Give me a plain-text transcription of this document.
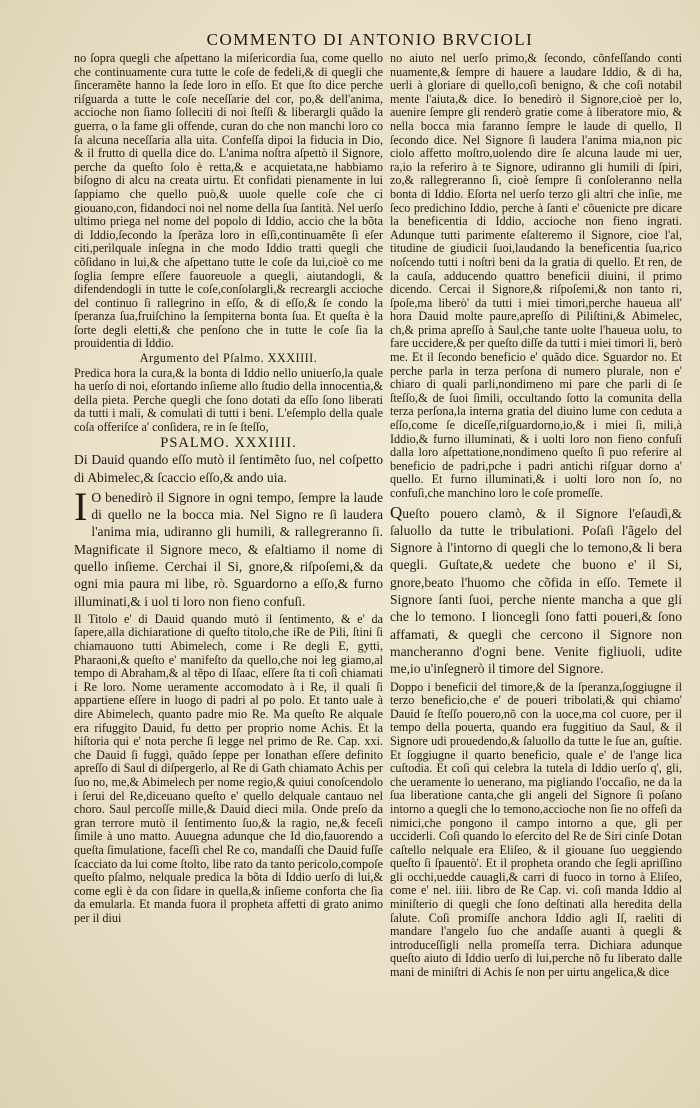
COMMENTO DI ANTONIO BRVCIOLI

no ſopra quegli che aſpettano la miſericordia ſua, come quello che continuamente cura tutte le coſe de fedeli,& di quegli che ſinceramẽte hanno la ſede loro in eſſo. Et que ſto dice perche riſguarda a tutte le coſe neceſſarie del cor, po,& dell'anima, accioche non ſiamo ſolleciti di noi ſteſſi & liberargli quãdo la guerra, o la fame gli offende, curan do che non manchi loro co ſa alcuna neceſſaria alla uita. Confeſſa dipoi la fiducia in Dio, & il frutto di quella dice do. L'anima noſtra aſpettò il Signore, perche da queſto ſolo è retta,& e acquietata,ne habbiamo biſogno di alcu na creata uirtu. Et confidati pienamente in lui ſappiamo che quello può,& uuole quelle coſe che ci giouano,con, fidandoci noi nel nome della ſua ſantità. Nel uerſo ultimo priega nel nome del popolo di Iddio, accio che la bõta di Iddio,ſecondo la ſperãza loro in eſſi,continuamẽte ſi eſer citi,perilquale inſegna in che modo Iddio tratti quegli che cõſidano in lui,& che aſpettano tutte le coſe da lui,cioè co me ſoglia ſempre eſſere fauoreuole a quegli, aiutandogli, & difendendogli in tutte le coſe,conſolargli,& recreargli accioche del continuo ſi rallegrino in eſſo, & di eſſo,& ſe condo la ſperanza ſua,fruiſchino la ſempiterna bonta ſua. Et queſta è la ſorte degli eletti,& che penſono che in tutte le coſe ſia la prouidentia di Iddio.

Argumento del Pſalmo. XXXIIII.

Predica hora la cura,& la bonta di Iddio nello uniuerſo,la quale ha uerſo di noi, eſortando inſieme allo ſtudio della innocentia,& della pieta. Perche quegli che ſono dotati da eſſo ſono liberati da tutti i mali, & comulati di tutti i beni. L'eſemplo della quale coſa offeriſce a' conſidera, re in ſe ſteſſo,

PSALMO. XXXIIII.

Di Dauid quando eſſo mutò il ſentimẽto ſuo, nel coſpetto di Abimelec,& ſcaccio eſſo,& ando uia.

I O benedirò il Signore in ogni tempo, ſempre la laude di quello ne la bocca mia. Nel Signo re ſi laudera l'anima mia, udiranno gli humili, & rallegreranno ſi. Magnificate il Signore meco, & eſaltiamo il nome di quello inſieme. Cerchai il Si, gnore,& riſpoſemi,& da ogni mia paura mi libe, rò. Sguardorno a eſſo,& furno illuminati,& i uol ti loro non fieno confuſi.

Il Titolo e' di Dauid quando mutò il ſentimento, & e' da ſapere,alla dichiaratione di queſto titolo,che iRe de Pili, ſtini ſi chiamauono tutti Abimelech, come i Re degli E, gytti, Pharaoni,& queſto e' manifeſto da quello,che noi leg giamo,al tempo di Abraham,& al tẽpo di Iſaac, eſſere ſta ti coſi chiamati i Re loro. Nome ueramente accomodato à i Re, il quali ſi appartiene eſſere in luogo di padri al po polo. Et tanto uale à dire Abimelech, quanto padre mio Re. Ma queſto Re alquale era rifuggito Dauid, fu detto per proprio nome Achis. Et la hiſtoria qui e' nota perche ſi legge nel primo de Re. Cap. xxi. che Dauid ſi fuggì, quãdo ſeppe per Ionathan eſſere definito apreſſo di Saul di diſpergerlo, al Re di Gath chiamato Achis per ſuo no, me,& Abimelech per nome regio,& quiui conoſcendolo i ſerui del Re,diceuano queſto e' quello delquale cantauo nel choro. Saul percoſſe mille,& Dauid dieci mila. Onde preſo da gran terrore mutò il ſentimento ſuo,& la ragio, ne,& feceſi ſimile à uno matto. Auuegna adunque che Id dio,fauorendo a queſta ſimulatione, faceſſi chel Re co, mandaſſi che Dauid fuſſe ſcacciato da lui come ſtolto, libe rato da tanto pericolo,compoſe queſto pſalmo, nelquale predica la bõta di Iddio uerſo di lui,& come egli è da con ſidare in quella,& inſieme conforta che ſia da emularla. Et manda fuora il propheta affetti di grato animo per il diui

no aiuto nel uerſo primo,& ſecondo, cõnfeſſando conti nuamente,& ſempre di hauere a laudare Iddio, & di ha, uerli à gloriare di quello,coſi benigno, & che coſi notabil mente l'aiuta,& dice. Io benedirò il Signore,cioè per lo, auenire ſempre gli renderò gratie come à liberatore mio, & nella bocca mia faranno ſempre le laude di quello, Il ſecondo dice. Nel Signore ſi laudera l'anima mia,non pic ciolo affetto moſtro,uolendo dire ſe alcuna laude mi uer, ra,io la referiro à te Signore, udiranno gli humili di ſpiri, zo,& rallegreranno ſi, cioè ſempre ſi conſoleranno nella bonta di Iddio. Eſorta nel uerſo terzo gli altri che inſie, me ſeco predichino Iddio, perche à ſanti e' cõuenicte pre dicare la beneficentia di Iddio, accioche non fieno ingrati. Adunque tutti parimente eſalteremo il Signore, cioe l'al, titudine de giudicii ſuoi,laudando la beneficentia ſua,rico noſcendo tutti i noſtri beni da la gratia di quello. Et ren, de la cauſa, adducendo quattro beneficii diuini, il primo dicendo. Cercai il Signore,& riſpoſemi,& non tanto ri, ſpoſe,ma liberò' da tutti i miei timori,perche haueua all' hora Dauid molte paure,apreſſo di Piliſtini,& Abimelec, ch,& prima apreſſo à Saul,che tante uolte l'haueua uolu, to fare uccidere,& per queſto diſſe da tutti i miei timori li, berò me. Et il ſecondo beneficio e' quãdo dice. Sguardor no. Et perche parla in terza perſona di numero plurale, non e' chiaro di quali parli,nondimeno mi pare che parli di ſe ſteſſo,& de ſuoi ſimili, occultando ſotto la comunita della terza perſona,la interna gratia del diuino lume con ceduta a eſſo,come ſe diceſſe,riſguardorno,io,& i miei ſi, mili,à Iddio,& furno illuminati, & i uolti loro non fieno confuſi dalla loro aſpettatione,nondimeno queſto ſi puo referire al beneficio de padri,pche i padri antichi riſguar dorno a' quello. Et furno illuminati,& i uolti loro non ſo, no confuſi,che manchino loro le coſe promeſſe.

Queſto pouero clamò, & il Signore l'eſaudì,& ſaluollo da tutte le tribulationi. Poſaſi l'ãgelo del Signore à l'intorno di quegli che lo temono,& li bera quegli. Guſtate,& uedete che buono e' il Si, gnore,beato l'huomo che cõfida in eſſo. Temete il Signore ſanti ſuoi, perche niente mancha a que gli che lo temono. I lioncegli ſono fatti poueri,& ſono affamati, & quegli che cercono il Signore non mancheranno d'ogni bene. Venite figliuoli, udite me,io u'inſegnerò il timore del Signore.

Doppo i beneficii del timore,& de la ſperanza,ſoggiugne il terzo beneficio,che e' de poueri tribolati,& qui chiamo' Dauid ſe ſteſſo pouero,nõ con la uoce,ma col cuore, per il tempo della pouerta, quando era fuggitiuo da Saul, & il Signore udi prouedendo,& ſaluollo da tutte le ſue an, guſtie. Et ſoggiugne il quarto beneficio, quale e' de l'ange lica cuſtodia. Et coſi qui celebra la tutela di Iddio uerſo q', gli, che ueramente lo uenerano, ma pigliando l'occaſio, ne da la ſua liberatione canta,che gli angeli del Signore ſi poſano intorno a quegli che lo temono,accioche non ſie no offeſi da nimici,che pongono il campo intorno a que, gli per ucciderli. Coſi quando lo eſercito del Re de Siri cinſe Dotan caſtello nelquale era Eliſeo, & il giouane ſuo ueggiendo queſto ſi ſpauentò'. Et il propheta orando che ſegli apriſſino gli occhi,uedde cauagli,& carri di fuoco in torno à Eliſeo, come e' nel. iiii. libro de Re Cap. vi. coſi manda Iddio al miniſterio di quegli che ſono deſtinati alla heredita della ſalute. Coſi promiſſe anchora Iddio agli Iſ, raeliti di mandare l'angelo ſuo che andaſſe auanti à quegli & introduceſſigli nella promeſſa terra. Dichiara adunque queſto aiuto di Iddio uerſo di lui,perche nõ fu liberato dalle mani de miniſtri di Achis ſe non per uirtu angelica,& dice
